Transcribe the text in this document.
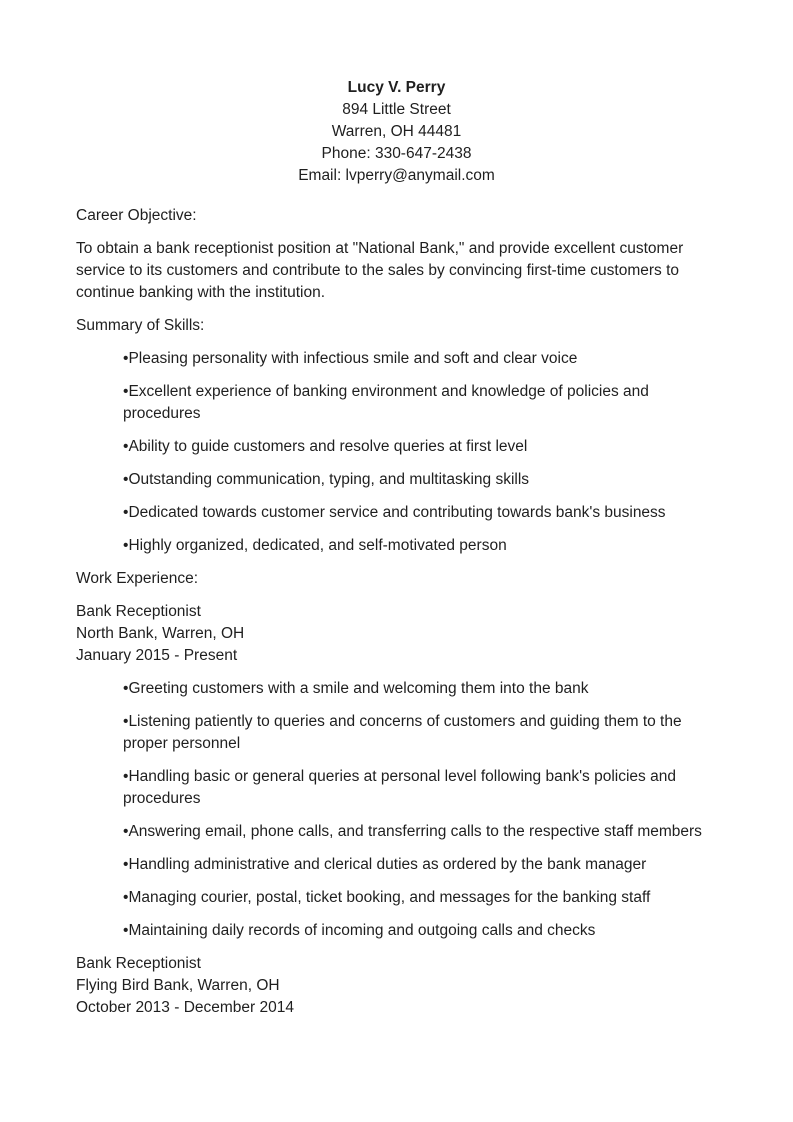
Lucy V. Perry
894 Little Street
Warren, OH 44481
Phone: 330-647-2438
Email: lvperry@anymail.com
Career Objective:
To obtain a bank receptionist position at "National Bank," and provide excellent customer service to its customers and contribute to the sales by convincing first-time customers to continue banking with the institution.
Summary of Skills:
•Pleasing personality with infectious smile and soft and clear voice
•Excellent experience of banking environment and knowledge of policies and procedures
•Ability to guide customers and resolve queries at first level
•Outstanding communication, typing, and multitasking skills
•Dedicated towards customer service and contributing towards bank's business
•Highly organized, dedicated, and self-motivated person
Work Experience:
Bank Receptionist
North Bank, Warren, OH
January 2015 - Present
•Greeting customers with a smile and welcoming them into the bank
•Listening patiently to queries and concerns of customers and guiding them to the proper personnel
•Handling basic or general queries at personal level following bank's policies and procedures
•Answering email, phone calls, and transferring calls to the respective staff members
•Handling administrative and clerical duties as ordered by the bank manager
•Managing courier, postal, ticket booking, and messages for the banking staff
•Maintaining daily records of incoming and outgoing calls and checks
Bank Receptionist
Flying Bird Bank, Warren, OH
October 2013 - December 2014
